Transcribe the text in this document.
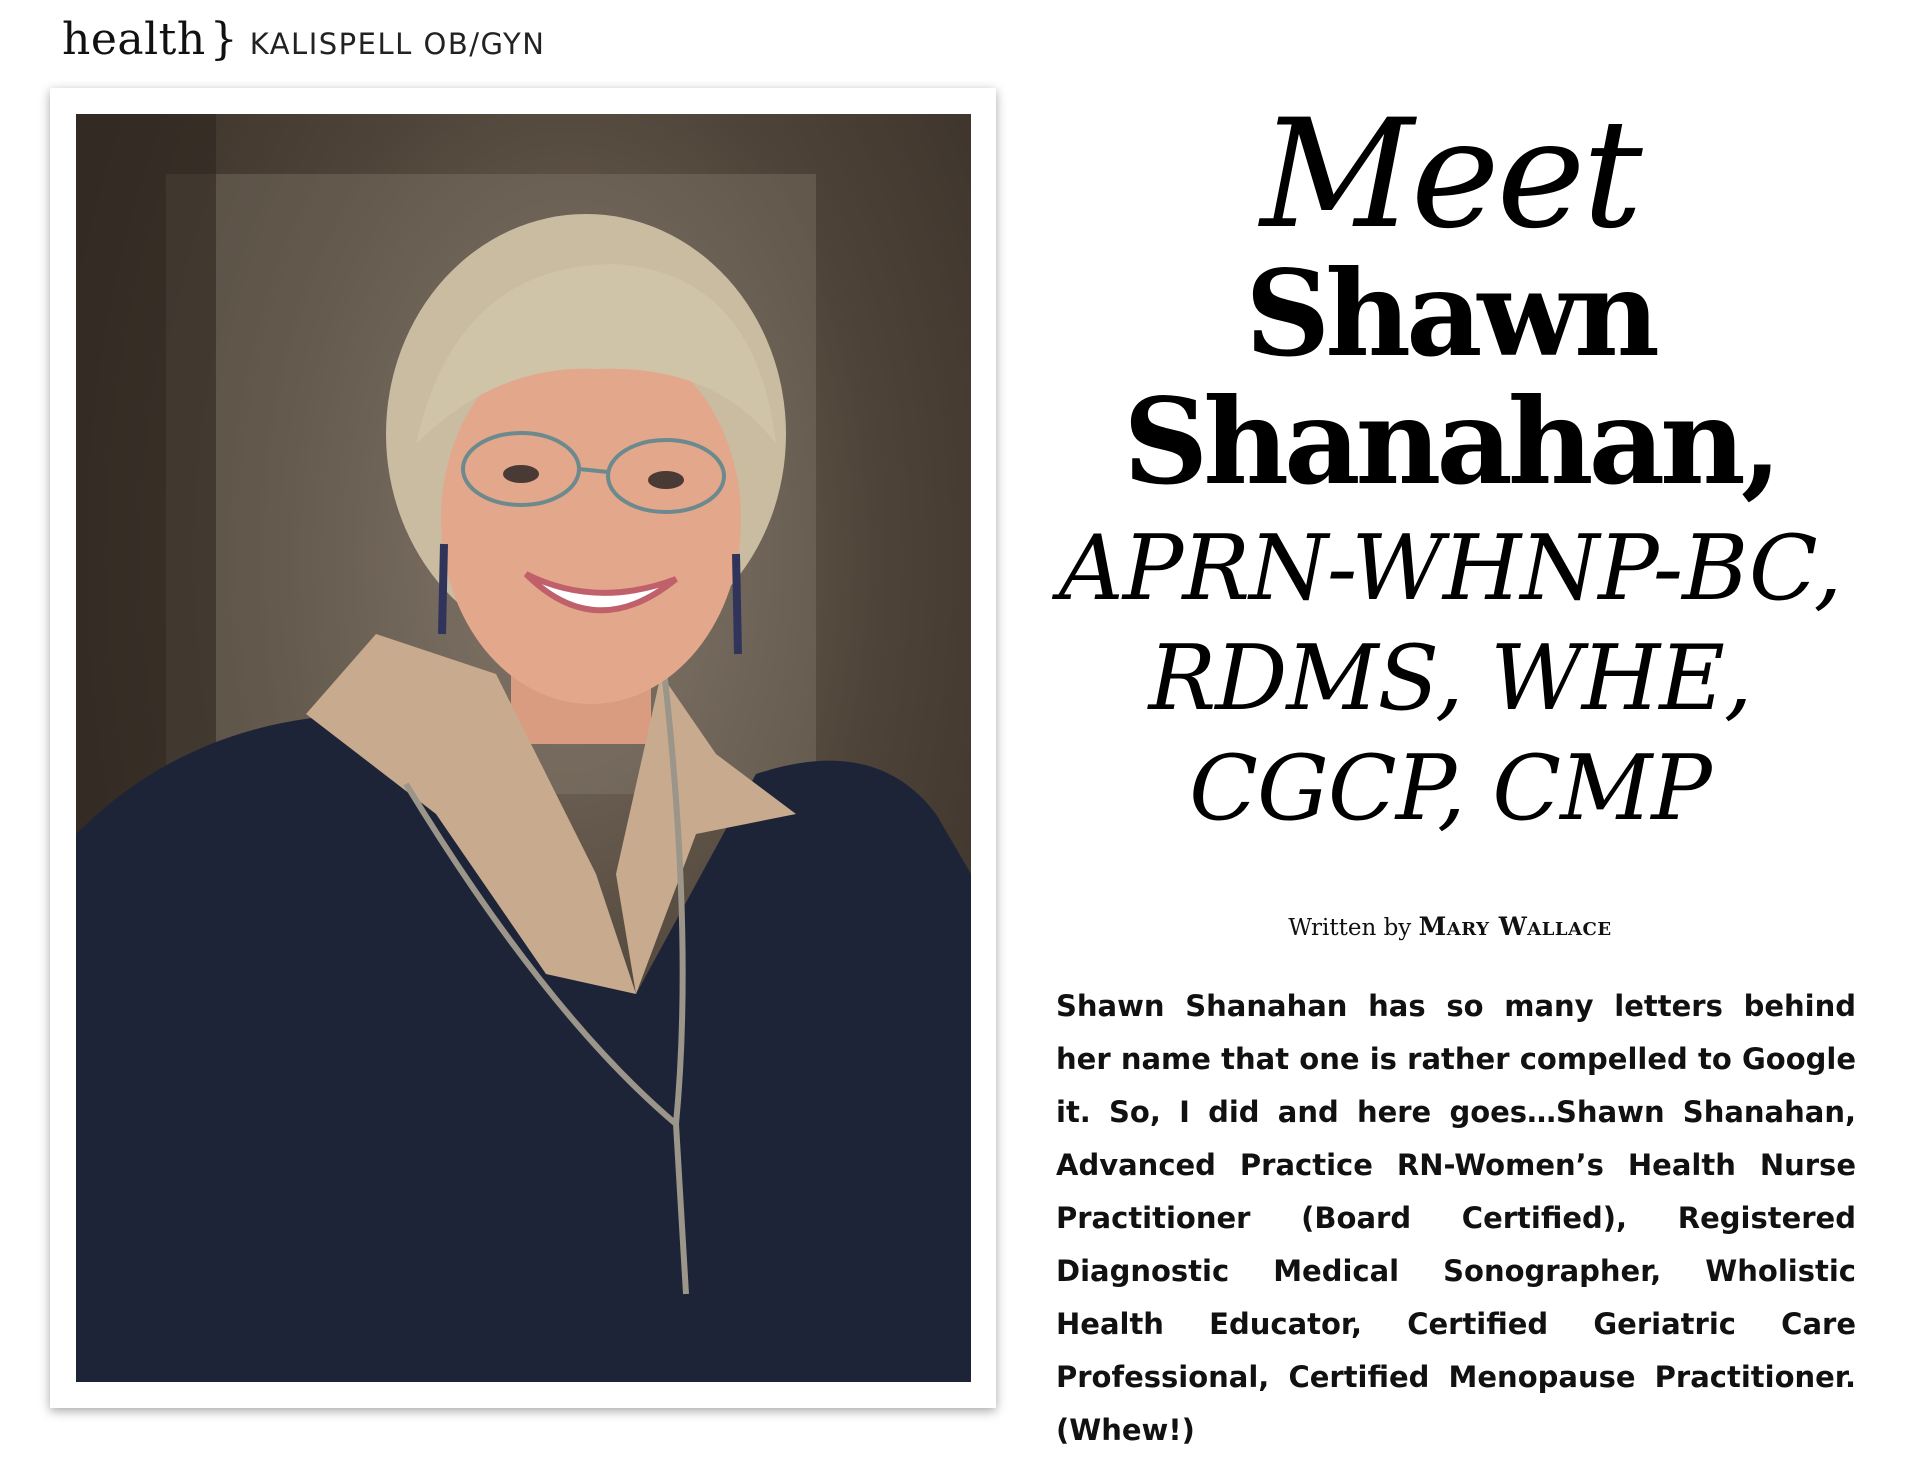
health } KALISPELL OB/GYN
Meet
Shawn
Shanahan,
APRN-WHNP-BC,
RDMS, WHE,
CGCP, CMP
Written by Mary Wallace

Shawn Shanahan has so many letters behind her name that one is rather compelled to Google it. So, I did and here goes…Shawn Shanahan, Advanced Practice RN-Women’s Health Nurse Practitioner (Board Certified), Registered Diagnostic Medical Sonographer, Wholistic Health Educator, Certified Geriatric Care Professional, Certified Menopause Practitioner. (Whew!)
